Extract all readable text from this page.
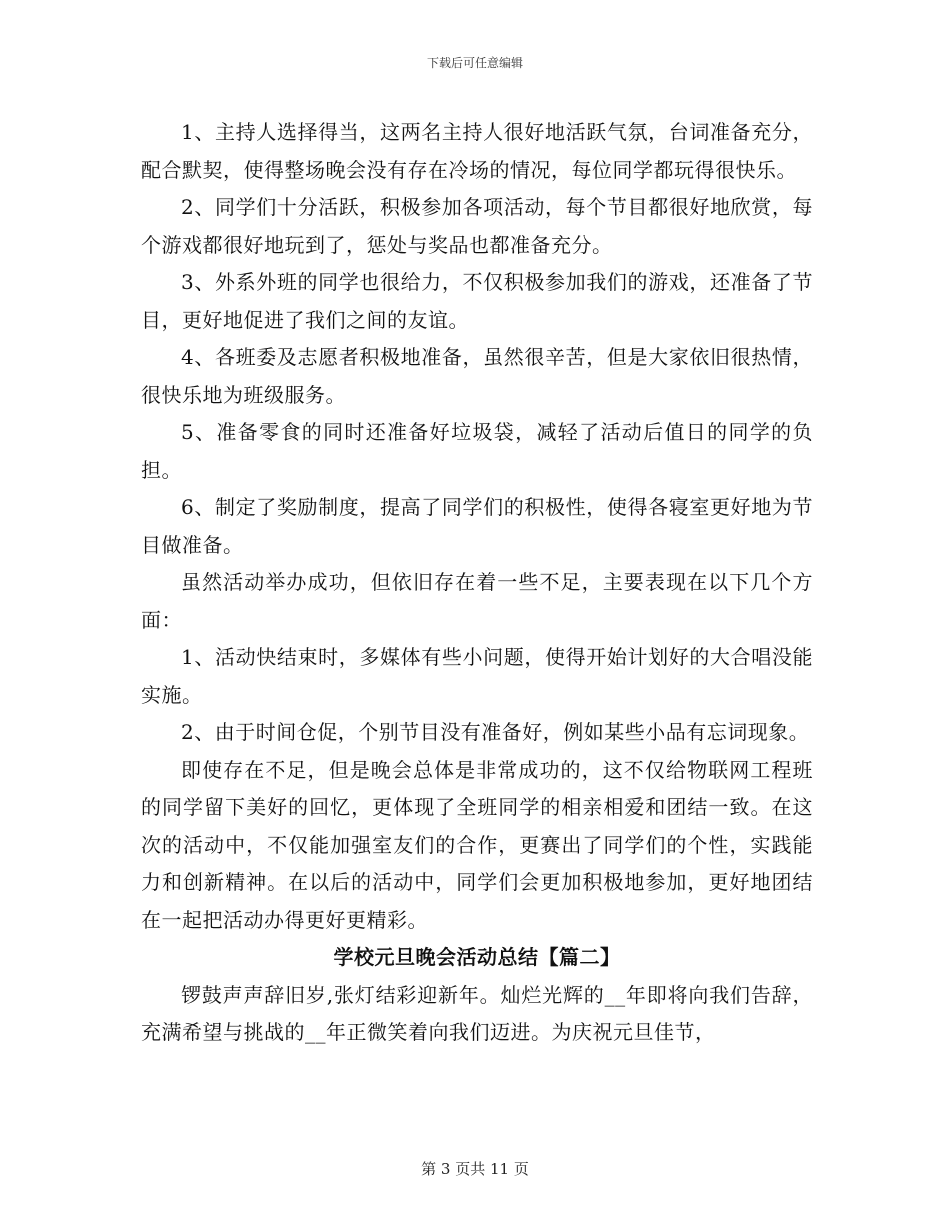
下载后可任意编辑

1、主持人选择得当，这两名主持人很好地活跃气氛，台词准备充分，配合默契，使得整场晚会没有存在冷场的情况，每位同学都玩得很快乐。

2、同学们十分活跃，积极参加各项活动，每个节目都很好地欣赏，每个游戏都很好地玩到了，惩处与奖品也都准备充分。

3、外系外班的同学也很给力，不仅积极参加我们的游戏，还准备了节目，更好地促进了我们之间的友谊。

4、各班委及志愿者积极地准备，虽然很辛苦，但是大家依旧很热情，很快乐地为班级服务。

5、准备零食的同时还准备好垃圾袋，减轻了活动后值日的同学的负担。

6、制定了奖励制度，提高了同学们的积极性，使得各寝室更好地为节目做准备。

虽然活动举办成功，但依旧存在着一些不足，主要表现在以下几个方面：

1、活动快结束时，多媒体有些小问题，使得开始计划好的大合唱没能实施。

2、由于时间仓促，个别节目没有准备好，例如某些小品有忘词现象。

即使存在不足，但是晚会总体是非常成功的，这不仅给物联网工程班的同学留下美好的回忆，更体现了全班同学的相亲相爱和团结一致。在这次的活动中，不仅能加强室友们的合作，更赛出了同学们的个性，实践能力和创新精神。在以后的活动中，同学们会更加积极地参加，更好地团结在一起把活动办得更好更精彩。

学校元旦晚会活动总结【篇二】

锣鼓声声辞旧岁,张灯结彩迎新年。灿烂光辉的__年即将向我们告辞，充满希望与挑战的__年正微笑着向我们迈进。为庆祝元旦佳节，

第 3 页共 11 页
